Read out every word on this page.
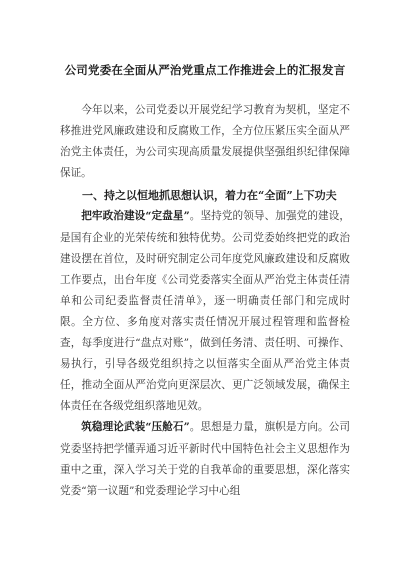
公司党委在全面从严治党重点工作推进会上的汇报发言

今年以来，公司党委以开展党纪学习教育为契机，坚定不移推进党风廉政建设和反腐败工作，全方位压紧压实全面从严治党主体责任，为公司实现高质量发展提供坚强组织纪律保障保证。

一、持之以恒地抓思想认识，着力在“全面”上下功夫

把牢政治建设“定盘星”。坚持党的领导、加强党的建设，是国有企业的光荣传统和独特优势。公司党委始终把党的政治建设摆在首位，及时研究制定公司年度党风廉政建设和反腐败工作要点，出台年度《公司党委落实全面从严治党主体责任清单和公司纪委监督责任清单》，逐一明确责任部门和完成时限。全方位、多角度对落实责任情况开展过程管理和监督检查，每季度进行“盘点对账”，做到任务清、责任明、可操作、易执行，引导各级党组织持之以恒落实全面从严治党主体责任，推动全面从严治党向更深层次、更广泛领域发展，确保主体责任在各级党组织落地见效。

筑稳理论武装“压舱石”。思想是力量，旗帜是方向。公司党委坚持把学懂弄通习近平新时代中国特色社会主义思想作为重中之重，深入学习关于党的自我革命的重要思想，深化落实党委“第一议题”和党委理论学习中心组
